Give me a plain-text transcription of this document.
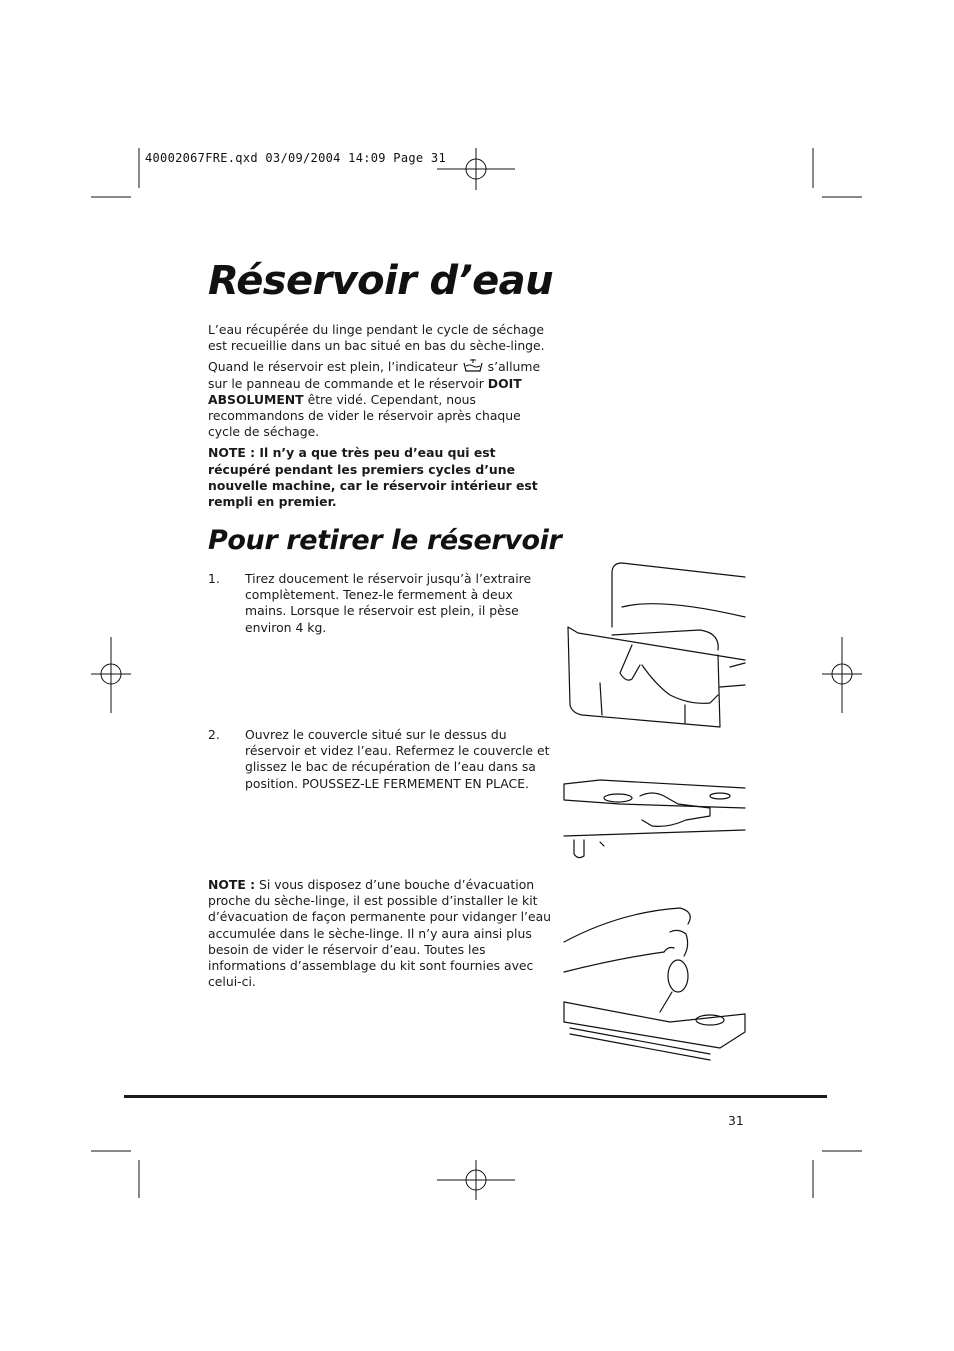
40002067FRE.qxd 03/09/2004 14:09 Page 31
Réservoir d’eau

L’eau récupérée du linge pendant le cycle de séchage est recueillie dans un bac situé en bas du sèche-linge.

Quand le réservoir est plein, l’indicateur s’allume sur le panneau de commande et le réservoir DOIT ABSOLUMENT être vidé. Cependant, nous recommandons de vider le réservoir après chaque cycle de séchage.

NOTE : Il n’y a que très peu d’eau qui est récupéré pendant les premiers cycles d’une nouvelle machine, car le réservoir intérieur est rempli en premier.

Pour retirer le réservoir
1. Tirez doucement le réservoir jusqu’à l’extraire complètement. Tenez-le fermement à deux mains. Lorsque le réservoir est plein, il pèse environ 4 kg.
2. Ouvrez le couvercle situé sur le dessus du réservoir et videz l’eau. Refermez le couvercle et glissez le bac de récupération de l’eau dans sa position. POUSSEZ-LE FERMEMENT EN PLACE.

NOTE : Si vous disposez d’une bouche d’évacuation proche du sèche-linge, il est possible d’installer le kit d’évacuation de façon permanente pour vidanger l’eau accumulée dans le sèche-linge. Il n’y aura ainsi plus besoin de vider le réservoir d’eau. Toutes les informations d’assemblage du kit sont fournies avec celui-ci.

31
